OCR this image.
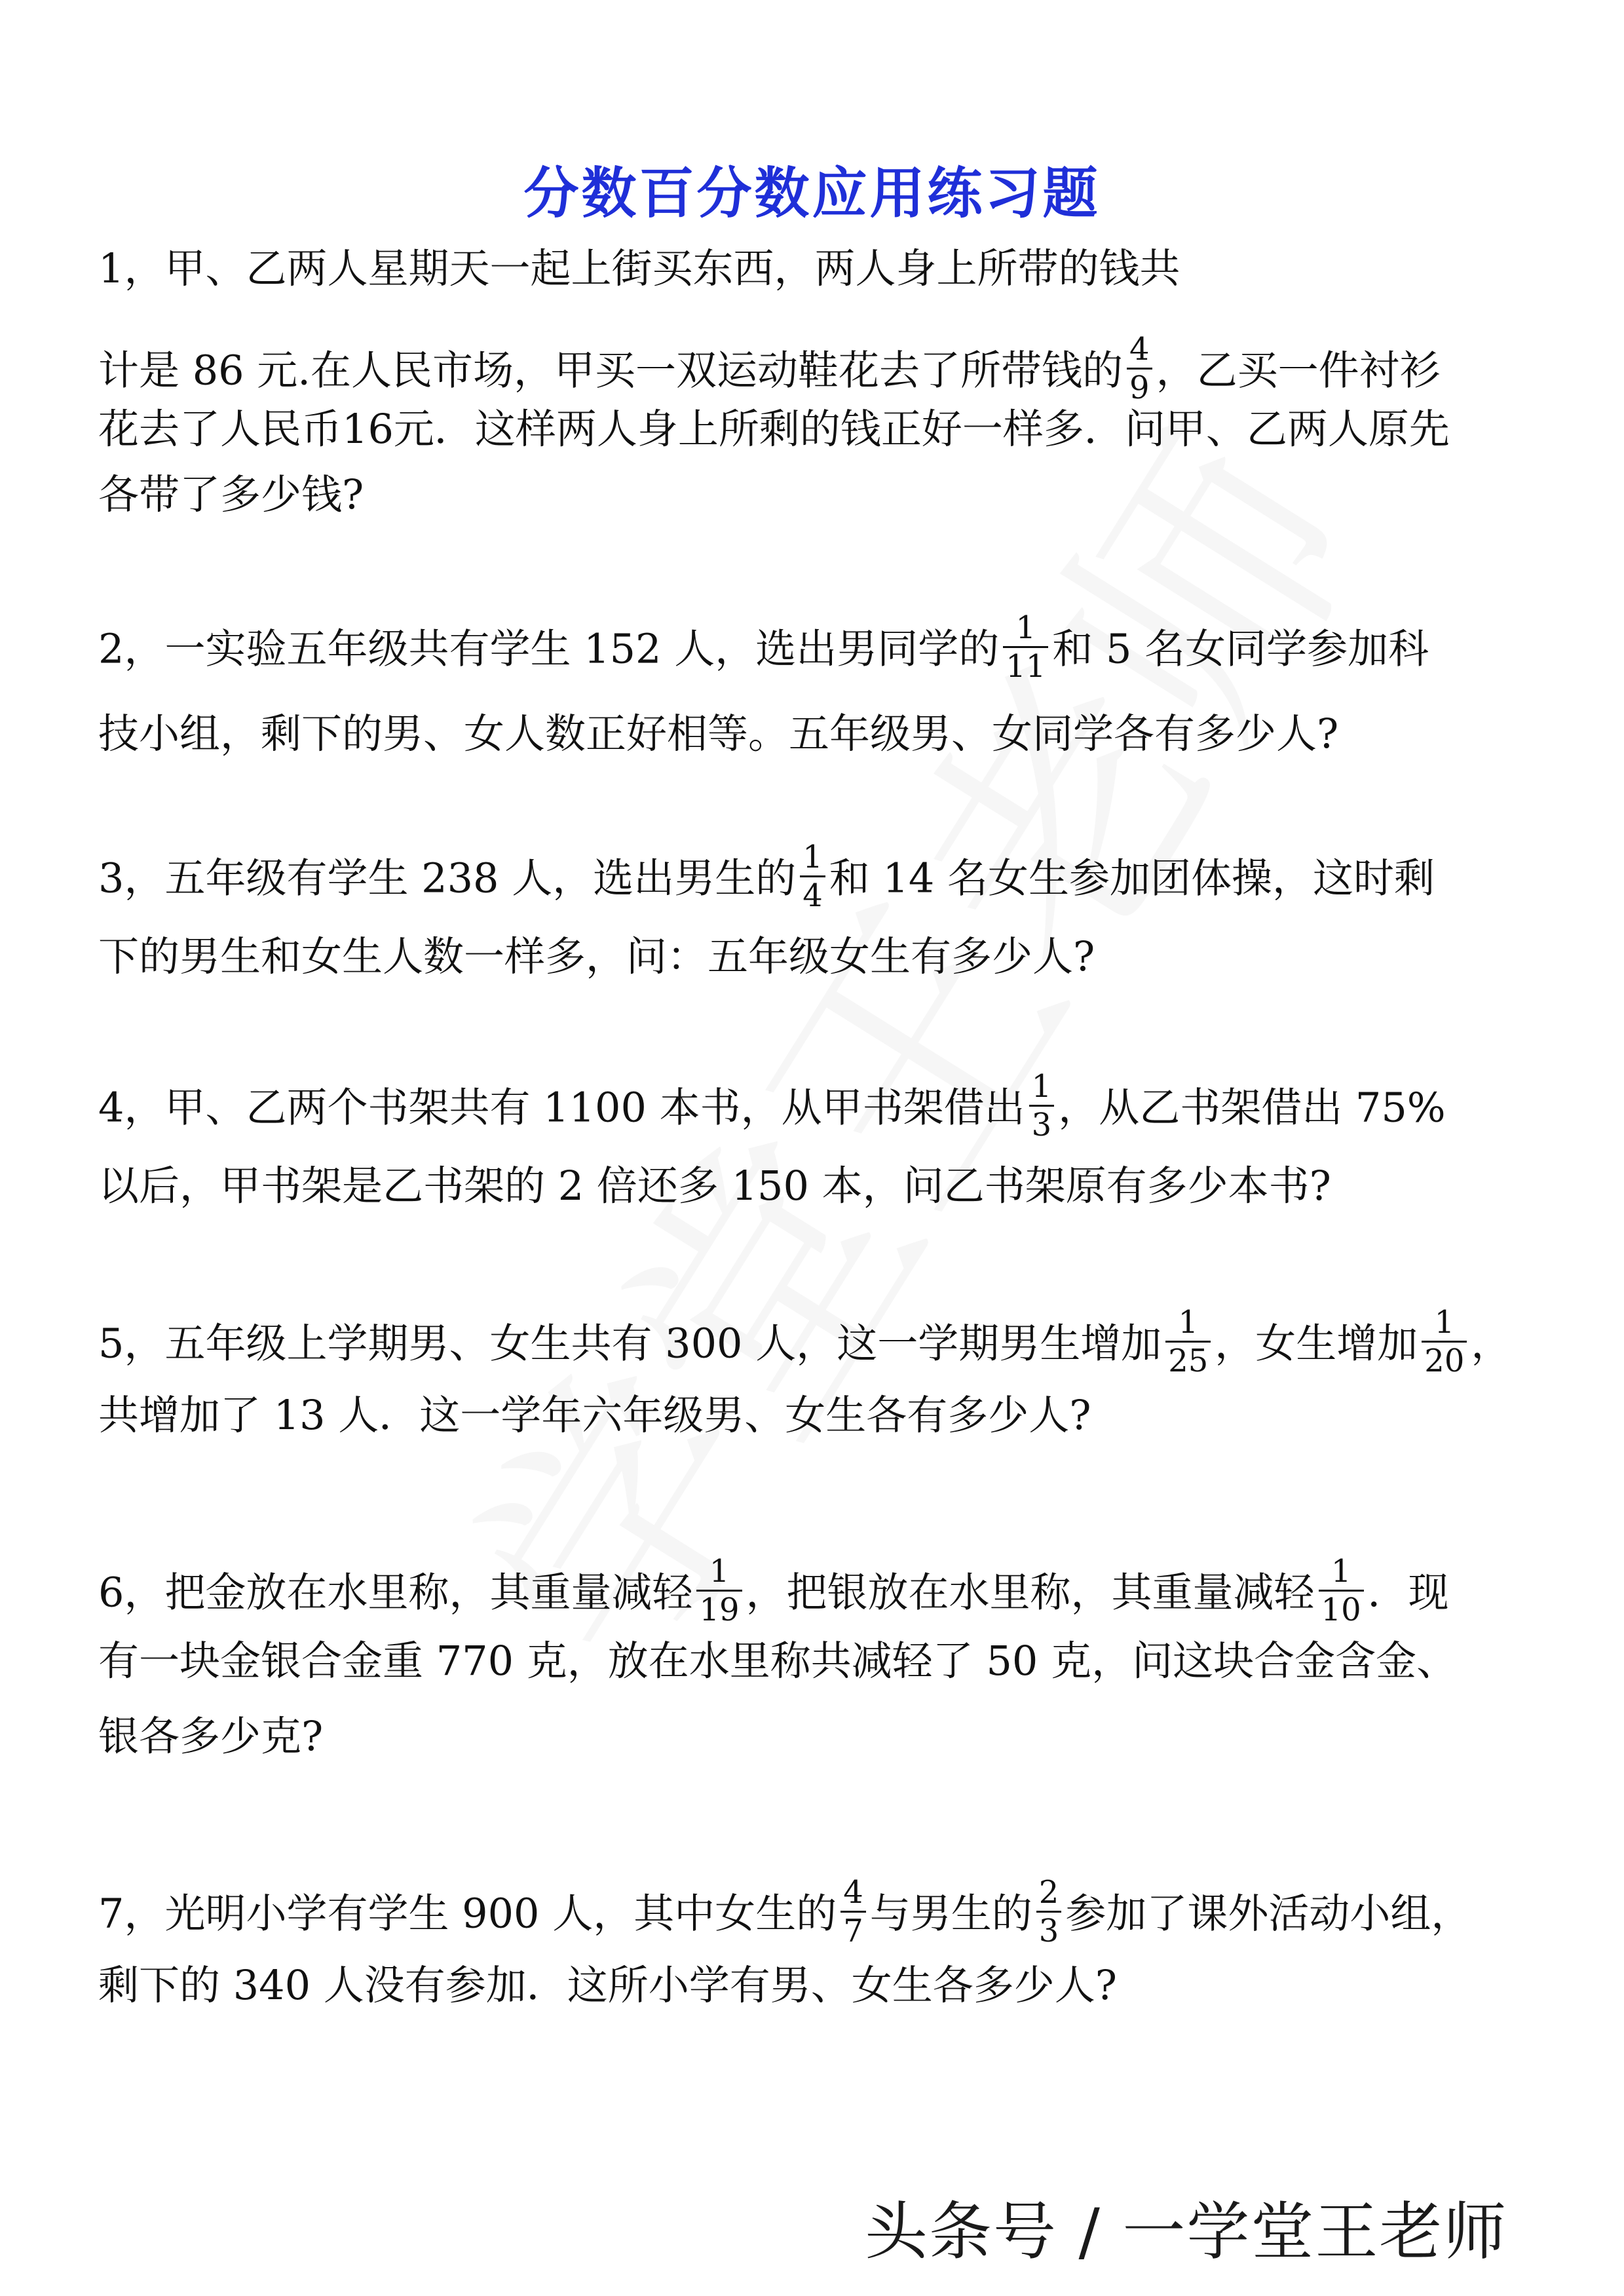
分数百分数应用练习题
1，甲、乙两人星期天一起上街买东西，两人身上所带的钱共
计是 86 元.在人民市场，甲买一双运动鞋花去了所带钱的 $\frac{4}{9}$ ，乙买一件衬衫
花去了人民币16元．这样两人身上所剩的钱正好一样多．问甲、乙两人原先
各带了多少钱?
2，一实验五年级共有学生 152 人，选出男同学的 $\frac{1}{11}$ 和 5 名女同学参加科
技小组，剩下的男、女人数正好相等。五年级男、女同学各有多少人?
3，五年级有学生 238 人，选出男生的 $\frac{1}{4}$ 和 14 名女生参加团体操，这时剩
下的男生和女生人数一样多，问：五年级女生有多少人?
4，甲、乙两个书架共有 1100 本书，从甲书架借出 $\frac{1}{3}$ ，从乙书架借出 75%
以后，甲书架是乙书架的 2 倍还多 150 本，问乙书架原有多少本书?
5，五年级上学期男、女生共有 300 人，这一学期男生增加 $\frac{1}{25}$ ，女生增加 $\frac{1}{20}$ ，
共增加了 13 人．这一学年六年级男、女生各有多少人?
6，把金放在水里称，其重量减轻 $\frac{1}{19}$ ，把银放在水里称，其重量减轻 $\frac{1}{10}$ ．现
有一块金银合金重 770 克，放在水里称共减轻了 50 克，问这块合金含金、
银各多少克?
7，光明小学有学生 900 人，其中女生的 $\frac{4}{7}$ 与男生的 $\frac{2}{3}$ 参加了课外活动小组，
剩下的 340 人没有参加．这所小学有男、女生各多少人?
头条号 / 一学堂王老师
